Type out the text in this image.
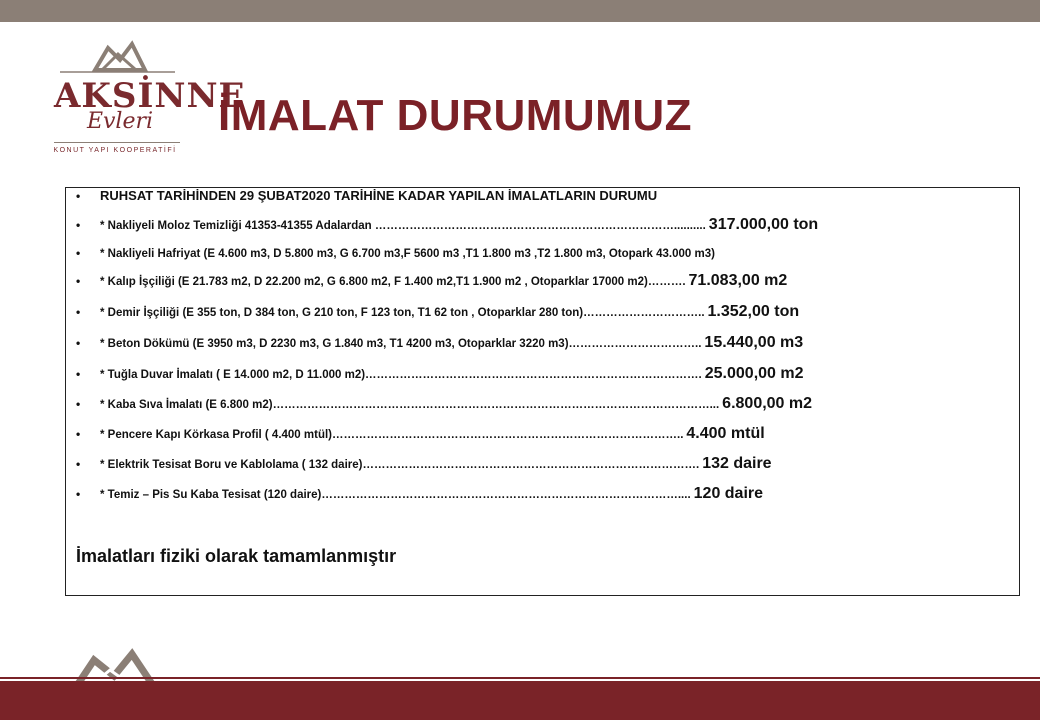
AKSİNNE
Evleri
KONUT YAPI KOOPERATİFİ
İMALAT DURUMUMUZ
•	RUHSAT TARİHİNDEN 29 ŞUBAT2020 TARİHİNE KADAR YAPILAN İMALATLARIN DURUMU
•	* Nakliyeli Moloz Temizliği 41353-41355 Adalardan …………………………………………………………………….......... 317.000,00 ton
•	* Nakliyeli Hafriyat (E 4.600 m3, D 5.800 m3, G 6.700 m3,F 5600 m3 ,T1 1.800 m3 ,T2 1.800 m3, Otopark 43.000 m3)
•	* Kalıp İşçiliği (E 21.783 m2, D 22.200 m2, G 6.800 m2, F 1.400 m2,T1 1.900 m2 , Otoparklar 17000 m2)………. 71.083,00 m2
•	* Demir İşçiliği (E 355 ton, D 384 ton, G 210 ton, F 123 ton, T1 62 ton , Otoparklar 280 ton)………………………….. 1.352,00 ton
•	* Beton Dökümü (E 3950 m3, D 2230 m3, G 1.840 m3, T1 4200 m3, Otoparklar 3220 m3)…………………………….. 15.440,00 m3
•	* Tuğla Duvar İmalatı ( E 14.000 m2, D 11.000 m2)……………………………………………………………………………. 25.000,00 m2
•	* Kaba Sıva İmalatı (E 6.800 m2)……………………………………………………………………………………………………... 6.800,00 m2
•	* Pencere Kapı Körkasa Profil ( 4.400 mtül)……………………………………………………………………………….. 4.400 mtül
•	* Elektrik Tesisat Boru ve Kablolama ( 132 daire)……………………………………………………………………………. 132 daire
•	* Temiz – Pis Su Kaba Tesisat (120 daire)………………………………………………………………………………….... 120 daire
İmalatları fiziki olarak tamamlanmıştır
